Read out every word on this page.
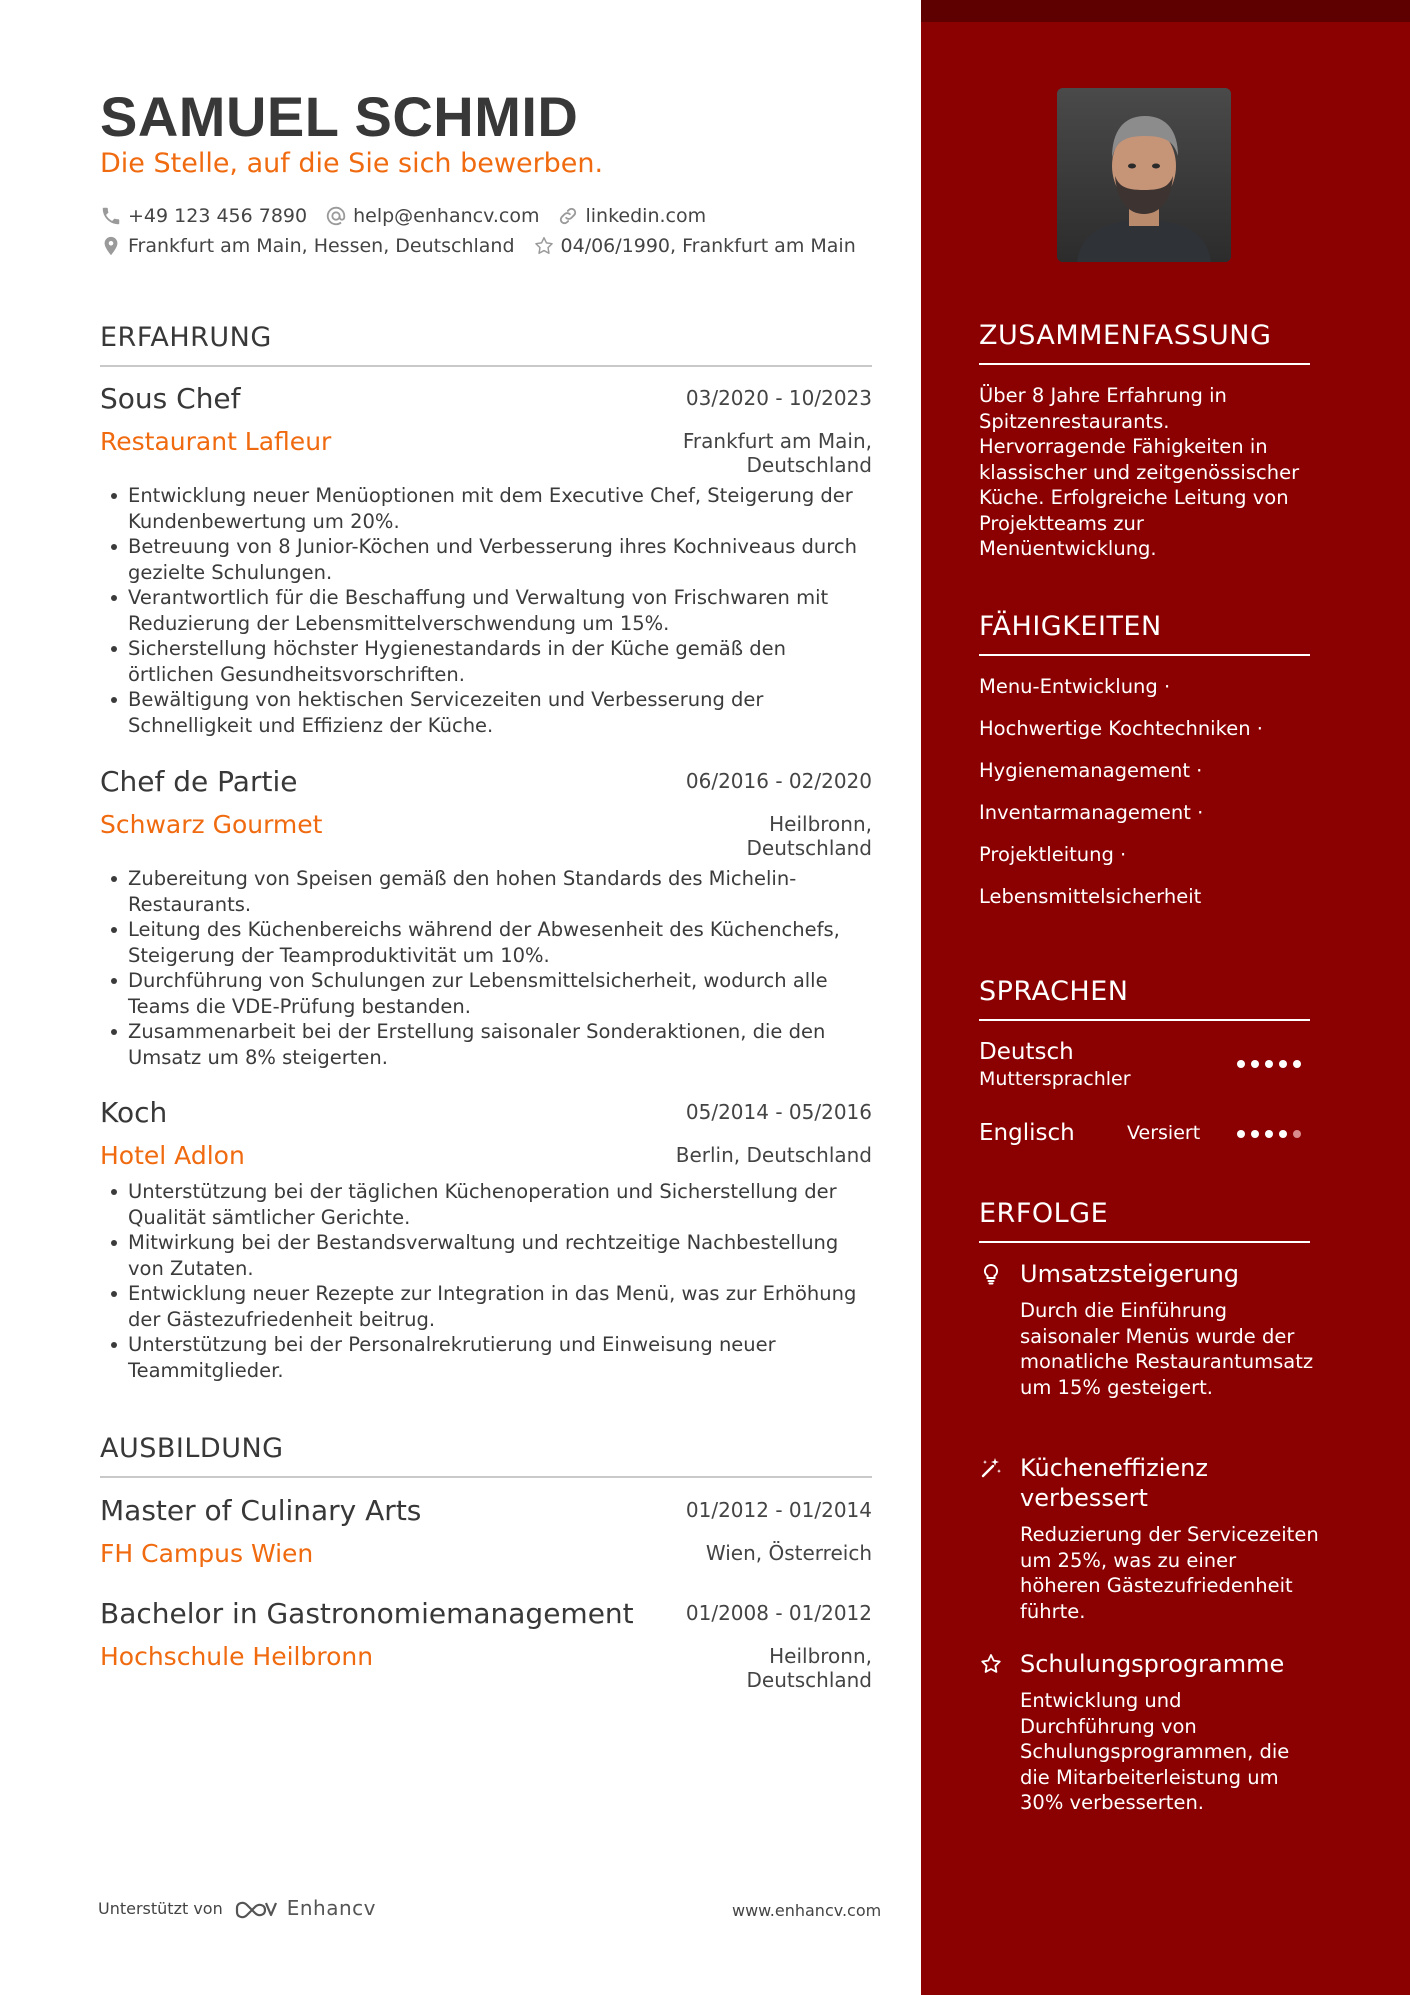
SAMUEL SCHMID
Die Stelle, auf die Sie sich bewerben.
+49 123 456 7890 help@enhancv.com linkedin.com
Frankfurt am Main, Hessen, Deutschland 04/06/1990, Frankfurt am Main
ERFAHRUNG
Sous Chef	03/2020 - 10/2023
Restaurant Lafleur	Frankfurt am Main,
Deutschland
Entwicklung neuer Menüoptionen mit dem Executive Chef, Steigerung der Kundenbewertung um 20%.
Betreuung von 8 Junior-Köchen und Verbesserung ihres Kochniveaus durch gezielte Schulungen.
Verantwortlich für die Beschaffung und Verwaltung von Frischwaren mit Reduzierung der Lebensmittelverschwendung um 15%.
Sicherstellung höchster Hygienestandards in der Küche gemäß den örtlichen Gesundheitsvorschriften.
Bewältigung von hektischen Servicezeiten und Verbesserung der Schnelligkeit und Effizienz der Küche.
Chef de Partie	06/2016 - 02/2020
Schwarz Gourmet	Heilbronn,
Deutschland
Zubereitung von Speisen gemäß den hohen Standards des Michelin-Restaurants.
Leitung des Küchenbereichs während der Abwesenheit des Küchenchefs, Steigerung der Teamproduktivität um 10%.
Durchführung von Schulungen zur Lebensmittelsicherheit, wodurch alle Teams die VDE-Prüfung bestanden.
Zusammenarbeit bei der Erstellung saisonaler Sonderaktionen, die den Umsatz um 8% steigerten.
Koch	05/2014 - 05/2016
Hotel Adlon	Berlin, Deutschland
Unterstützung bei der täglichen Küchenoperation und Sicherstellung der Qualität sämtlicher Gerichte.
Mitwirkung bei der Bestandsverwaltung und rechtzeitige Nachbestellung von Zutaten.
Entwicklung neuer Rezepte zur Integration in das Menü, was zur Erhöhung der Gästezufriedenheit beitrug.
Unterstützung bei der Personalrekrutierung und Einweisung neuer Teammitglieder.
AUSBILDUNG
Master of Culinary Arts	01/2012 - 01/2014
FH Campus Wien	Wien, Österreich
Bachelor in Gastronomiemanagement	01/2008 - 01/2012
Hochschule Heilbronn	Heilbronn,
Deutschland
Unterstützt von	Enhancv	www.enhancv.com
ZUSAMMENFASSUNG
Über 8 Jahre Erfahrung in Spitzenrestaurants. Hervorragende Fähigkeiten in klassischer und zeitgenössischer Küche. Erfolgreiche Leitung von Projektteams zur Menüentwicklung.
FÄHIGKEITEN
Menu-Entwicklung ·
Hochwertige Kochtechniken ·
Hygienemanagement ·
Inventarmanagement ·
Projektleitung ·
Lebensmittelsicherheit
SPRACHEN
Deutsch
Muttersprachler
Englisch	Versiert
ERFOLGE
Umsatzsteigerung
Durch die Einführung saisonaler Menüs wurde der monatliche Restaurantumsatz um 15% gesteigert.
Kücheneffizienz verbessert
Reduzierung der Servicezeiten um 25%, was zu einer höheren Gästezufriedenheit führte.
Schulungsprogramme
Entwicklung und Durchführung von Schulungsprogrammen, die die Mitarbeiterleistung um 30% verbesserten.
